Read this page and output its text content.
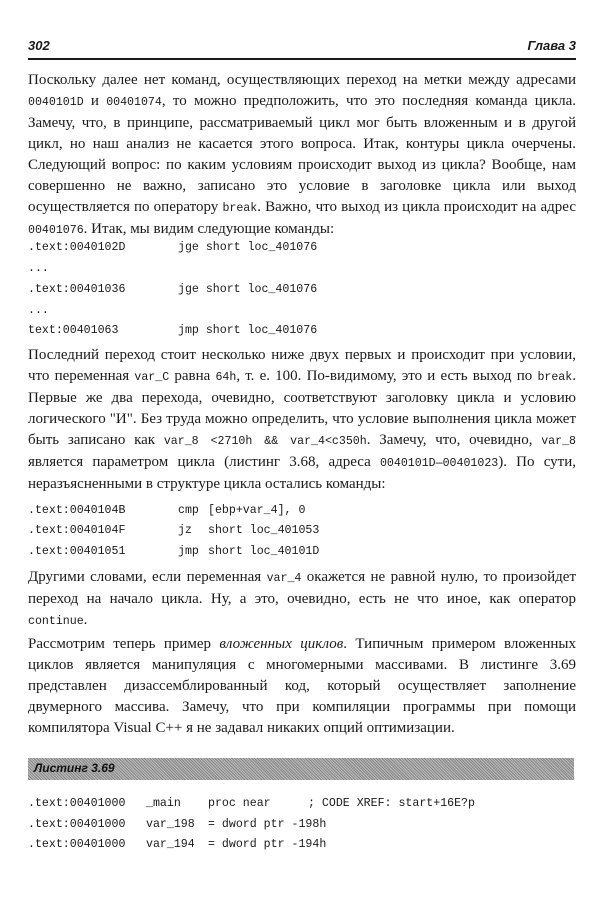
302	Глава 3

Поскольку далее нет команд, осуществляющих переход на метки между адресами 0040101D и 00401074, то можно предположить, что это последняя команда цикла. Замечу, что, в принципе, рассматриваемый цикл мог быть вложенным и в другой цикл, но наш анализ не касается этого вопроса. Итак, контуры цикла очерчены. Следующий вопрос: по каким условиям происходит выход из цикла? Вообще, нам совершенно не важно, записано это условие в заголовке цикла или выход осуществляется по оператору break. Важно, что выход из цикла происходит на адрес 00401076. Итак, мы видим следующие команды:

.text:0040102D	jge short loc_401076
...
.text:00401036	jge short loc_401076
...
text:00401063	jmp short loc_401076

Последний переход стоит несколько ниже двух первых и происходит при условии, что переменная var_C равна 64h, т. е. 100. По-видимому, это и есть выход по break. Первые же два перехода, очевидно, соответствуют заголовку цикла и условию логического "И". Без труда можно определить, что условие выполнения цикла может быть записано как var_8 <2710h && var_4<c350h. Замечу, что, очевидно, var_8 является параметром цикла (листинг 3.68, адреса 0040101D—00401023). По сути, неразъясненными в структуре цикла остались команды:

.text:0040104B	cmp [ebp+var_4], 0
.text:0040104F	jz short loc_401053
.text:00401051	jmp short loc_40101D

Другими словами, если переменная var_4 окажется не равной нулю, то произойдет переход на начало цикла. Ну, а это, очевидно, есть не что иное, как оператор continue.

Рассмотрим теперь пример вложенных циклов. Типичным примером вложенных циклов является манипуляция с многомерными массивами. В листинге 3.69 представлен дизассемблированный код, который осуществляет заполнение двумерного массива. Замечу, что при компиляции программы при помощи компилятора Visual C++ я не задавал никаких опций оптимизации.

Листинг 3.69
.text:00401000 _main proc near	; CODE XREF: start+16E?p
.text:00401000 var_198 = dword ptr -198h
.text:00401000 var_194 = dword ptr -194h
